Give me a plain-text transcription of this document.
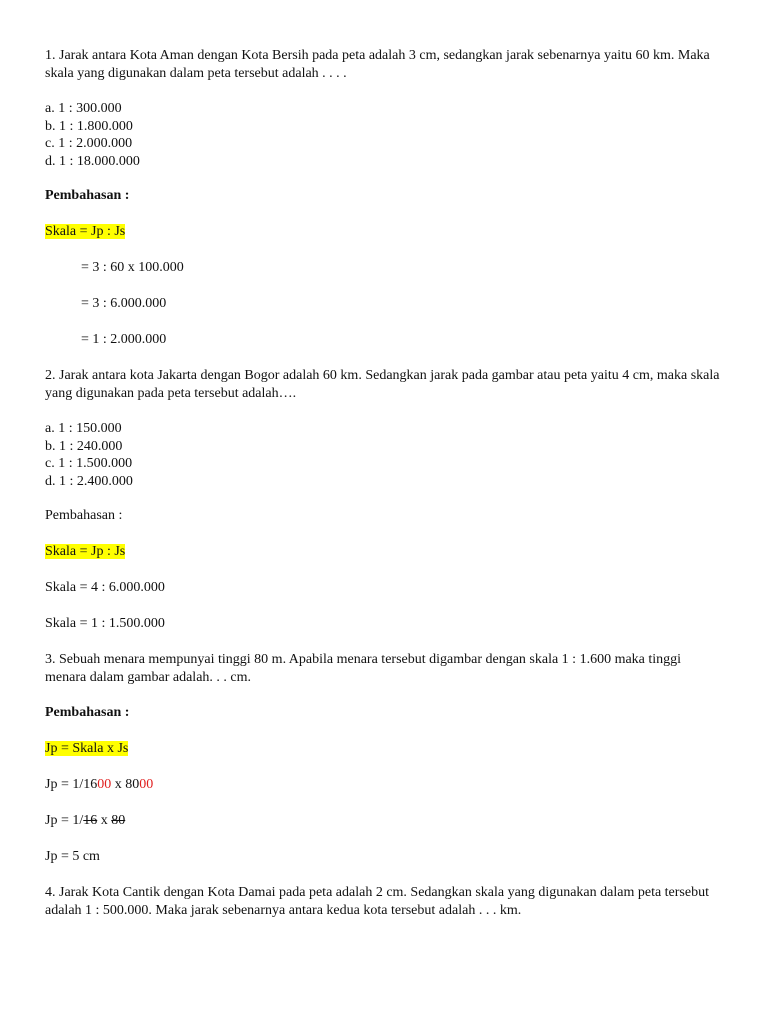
1. Jarak antara Kota Aman dengan Kota Bersih pada peta adalah 3 cm, sedangkan jarak sebenarnya yaitu 60 km. Maka skala yang digunakan dalam peta tersebut adalah . . . .

a. 1 : 300.000
b. 1 : 1.800.000
c. 1 : 2.000.000
d. 1 : 18.000.000

Pembahasan :

Skala = Jp : Js

= 3 : 60 x 100.000

= 3 : 6.000.000

= 1 : 2.000.000

2. Jarak antara kota Jakarta dengan Bogor adalah 60 km. Sedangkan jarak pada gambar atau peta yaitu 4 cm, maka skala yang digunakan pada peta tersebut adalah….

a. 1 : 150.000
b. 1 : 240.000
c. 1 : 1.500.000
d. 1 : 2.400.000

Pembahasan :

Skala = Jp : Js

Skala = 4 : 6.000.000

Skala = 1 : 1.500.000

3. Sebuah menara mempunyai tinggi 80 m. Apabila menara tersebut digambar dengan skala 1 : 1.600 maka tinggi menara dalam gambar adalah. . . cm.

Pembahasan :

Jp = Skala x Js

Jp = 1/1600 x 8000

Jp = 1/16 x 80

Jp = 5 cm

4. Jarak Kota Cantik dengan Kota Damai pada peta adalah 2 cm. Sedangkan skala yang digunakan dalam peta tersebut adalah 1 : 500.000. Maka jarak sebenarnya antara kedua kota tersebut adalah . . . km.
